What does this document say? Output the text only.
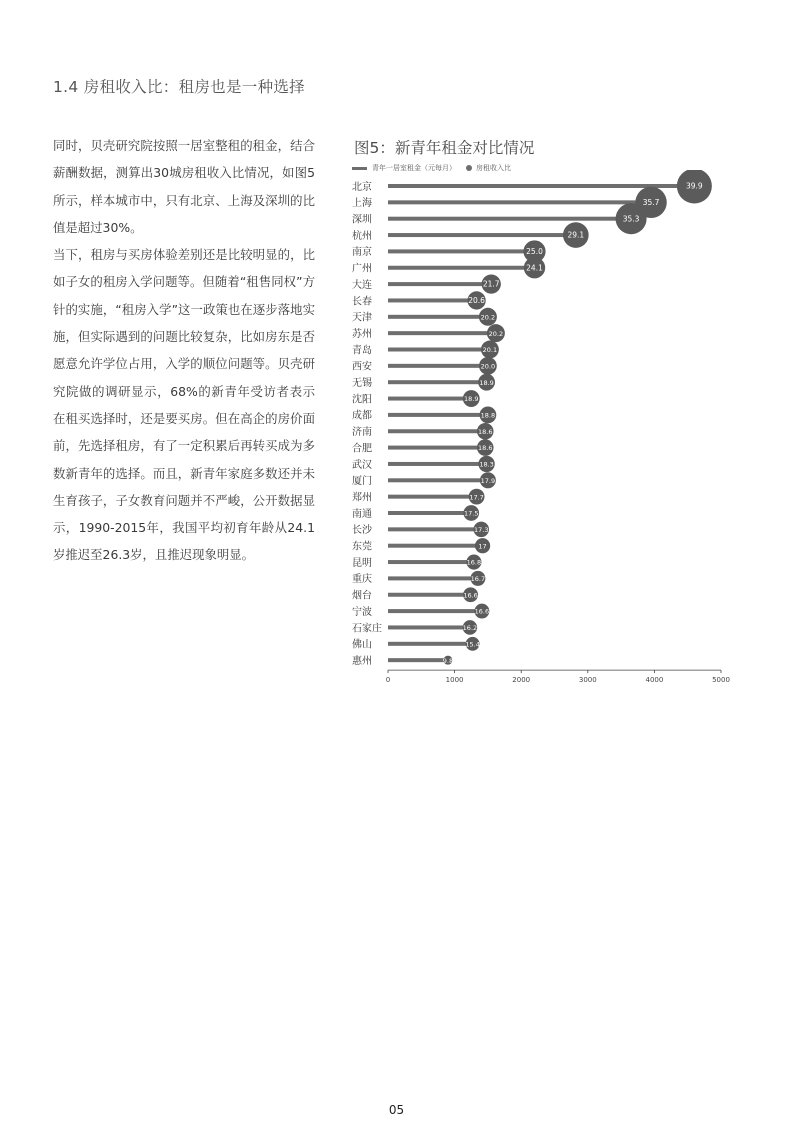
1.4 房租收入比：租房也是一种选择

同时，贝壳研究院按照一居室整租的租金，结合薪酬数据，测算出30城房租收入比情况，如图5所示，样本城市中，只有北京、上海及深圳的比值是超过30%。

当下，租房与买房体验差别还是比较明显的，比如子女的租房入学问题等。但随着“租售同权”方针的实施，“租房入学”这一政策也在逐步落地实施，但实际遇到的问题比较复杂，比如房东是否愿意允许学位占用，入学的顺位问题等。贝壳研究院做的调研显示，68%的新青年受访者表示在租买选择时，还是要买房。但在高企的房价面前，先选择租房，有了一定积累后再转买成为多数新青年的选择。而且，新青年家庭多数还并未生育孩子，子女教育问题并不严峻，公开数据显示，1990-2015年，我国平均初育年龄从24.1岁推迟至26.3岁，且推迟现象明显。

图5：新青年租金对比情况
青年一居室租金（元每月）	房租收入比
0	1000	2000	3000	4000	5000
北京	39.9
上海	35.7
深圳	35.3
杭州	29.1
南京	25.0
广州	24.1
大连	21.7
长春	20.6
天津	20.2
苏州	20.2
青岛	20.1
西安	20.0
无锡	18.9
沈阳	18.9
成都	18.8
济南	18.6
合肥	18.6
武汉	18.3
厦门	17.9
郑州	17.7
南通	17.5
长沙	17.3
东莞	17
昆明	16.8
重庆	16.7
烟台	16.6
宁波	16.6
石家庄	16.2
佛山	15.4
惠州	9.8
05
